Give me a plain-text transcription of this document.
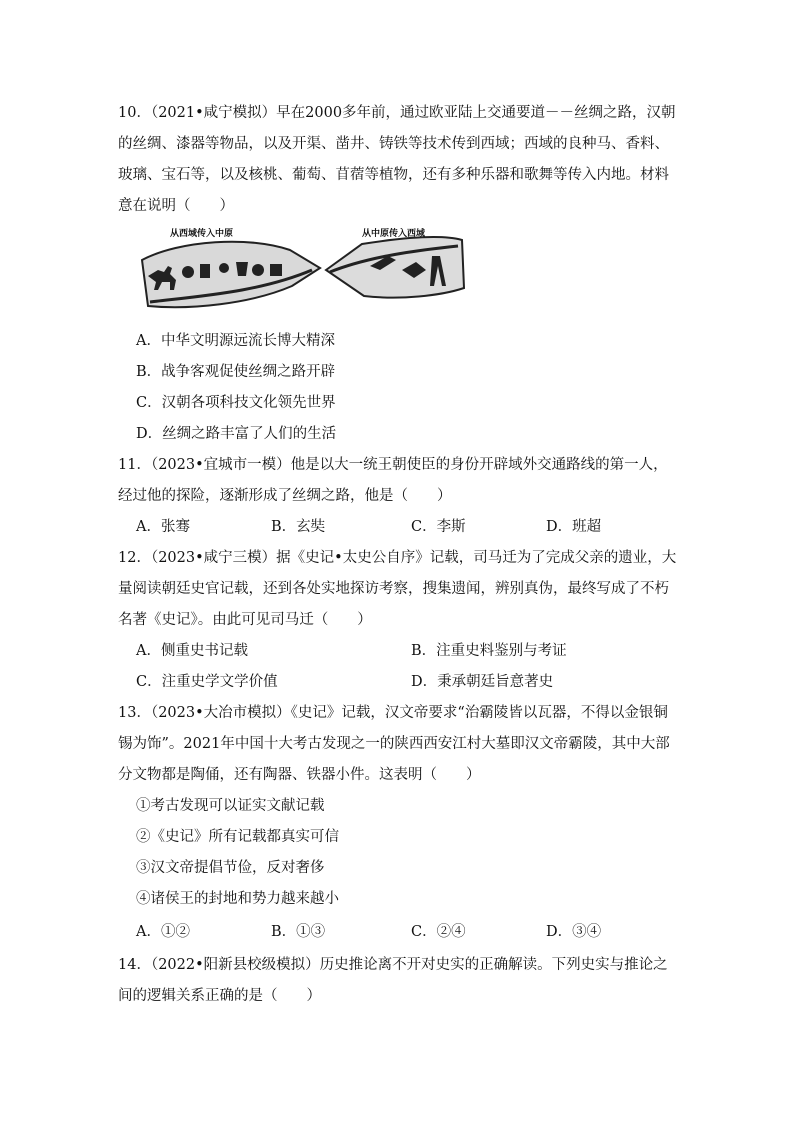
10．（2021•咸宁模拟）早在2000多年前，通过欧亚陆上交通要道－－丝绸之路，汉朝的丝绸、漆器等物品，以及开渠、凿井、铸铁等技术传到西域；西域的良种马、香料、玻璃、宝石等，以及核桃、葡萄、苜蓿等植物，还有多种乐器和歌舞等传入内地。材料意在说明（　　）

从西域传入中原	从中原传入西域
A．中华文明源远流长博大精深
B．战争客观促使丝绸之路开辟
C．汉朝各项科技文化领先世界
D．丝绸之路丰富了人们的生活

11．（2023•宜城市一模）他是以大一统王朝使臣的身份开辟域外交通路线的第一人，经过他的探险，逐渐形成了丝绸之路，他是（　　）

A．张骞	B．玄奘	C．李斯	D．班超

12．（2023•咸宁三模）据《史记•太史公自序》记载，司马迁为了完成父亲的遗业，大量阅读朝廷史官记载，还到各处实地探访考察，搜集遗闻，辨别真伪，最终写成了不朽名著《史记》。由此可见司马迁（　　）

A．侧重史书记载	B．注重史料鉴别与考证
C．注重史学文学价值	D．秉承朝廷旨意著史

13．（2023•大冶市模拟）《史记》记载，汉文帝要求“治霸陵皆以瓦器，不得以金银铜锡为饰”。2021年中国十大考古发现之一的陕西西安江村大墓即汉文帝霸陵，其中大部分文物都是陶俑，还有陶器、铁器小件。这表明（　　）

①考古发现可以证实文献记载
②《史记》所有记载都真实可信
③汉文帝提倡节俭，反对奢侈
④诸侯王的封地和势力越来越小
A．①②	B．①③	C．②④	D．③④

14．（2022•阳新县校级模拟）历史推论离不开对史实的正确解读。下列史实与推论之间的逻辑关系正确的是（　　）
